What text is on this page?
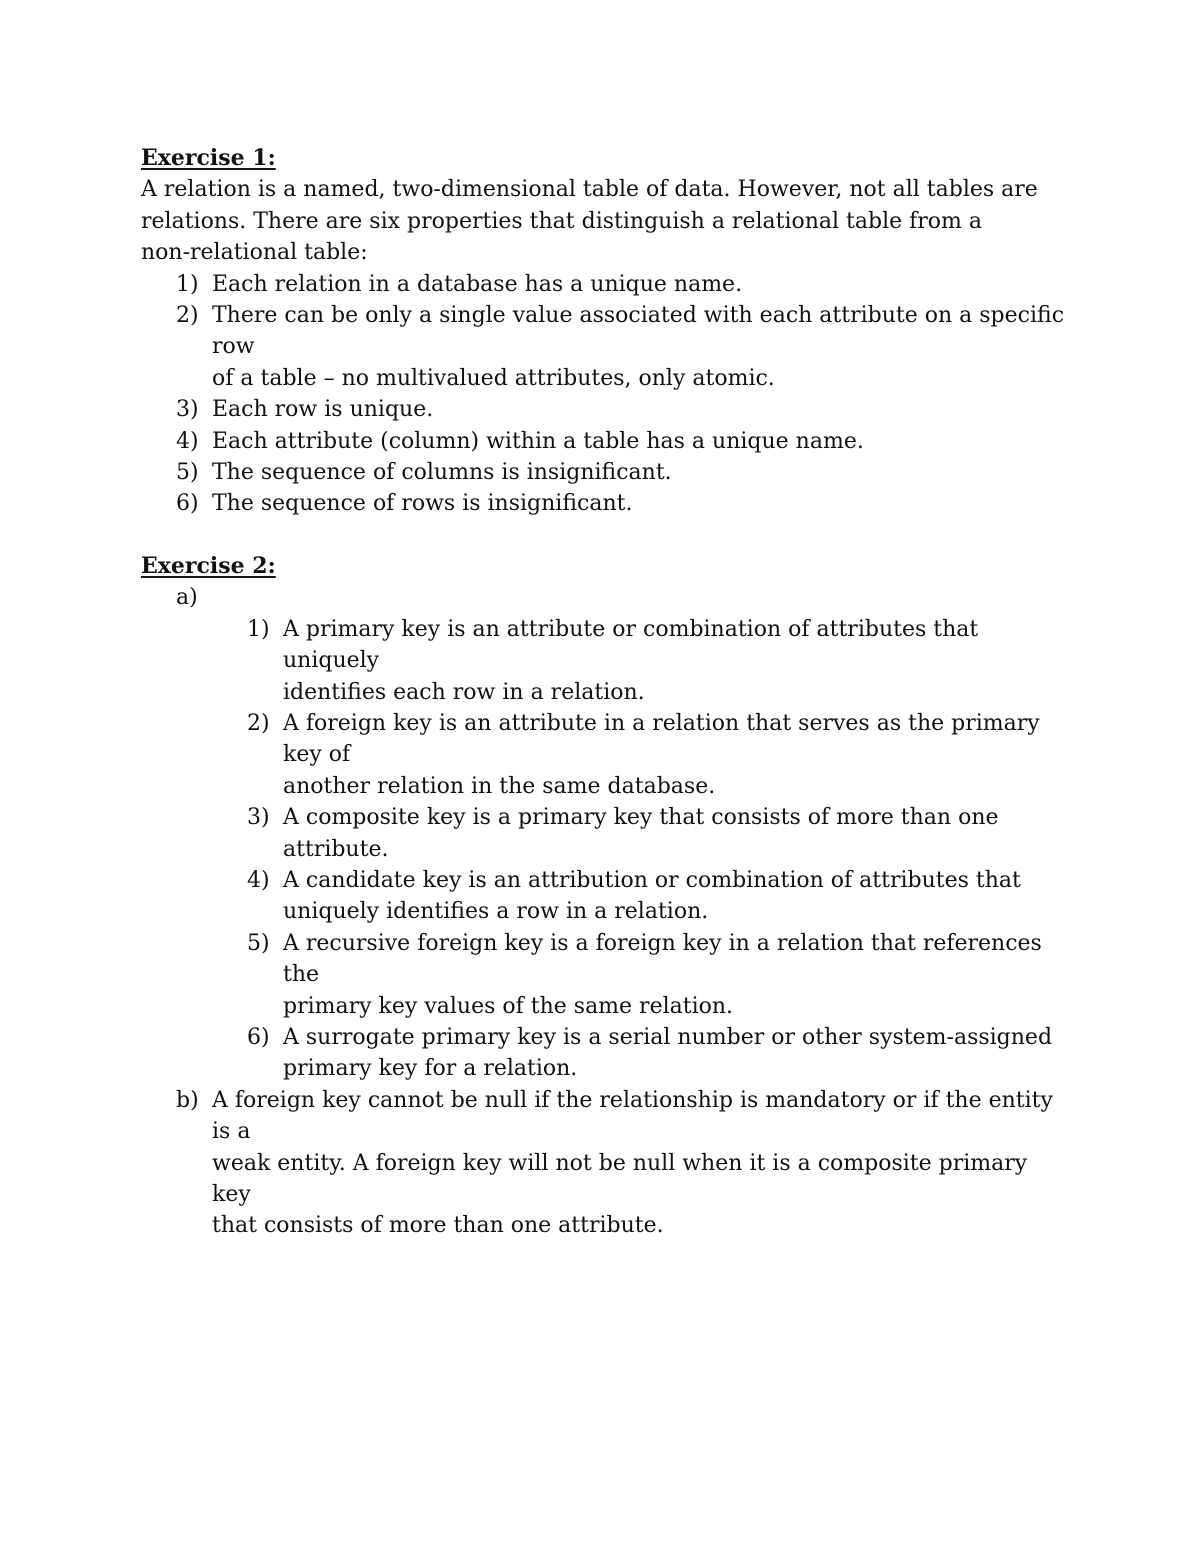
Exercise 1:

A relation is a named, two-dimensional table of data. However, not all tables are

relations. There are six properties that distinguish a relational table from a

non-relational table:

1) Each relation in a database has a unique name.
2) There can be only a single value associated with each attribute on a specific row
of a table – no multivalued attributes, only atomic.
3) Each row is unique.
4) Each attribute (column) within a table has a unique name.
5) The sequence of columns is insignificant.
6) The sequence of rows is insignificant.

Exercise 2:

a)

1) A primary key is an attribute or combination of attributes that uniquely
identifies each row in a relation.
2) A foreign key is an attribute in a relation that serves as the primary key of
another relation in the same database.
3) A composite key is a primary key that consists of more than one attribute.
4) A candidate key is an attribution or combination of attributes that
uniquely identifies a row in a relation.
5) A recursive foreign key is a foreign key in a relation that references the
primary key values of the same relation.
6) A surrogate primary key is a serial number or other system-assigned
primary key for a relation.
b) A foreign key cannot be null if the relationship is mandatory or if the entity is a
weak entity. A foreign key will not be null when it is a composite primary key
that consists of more than one attribute.
